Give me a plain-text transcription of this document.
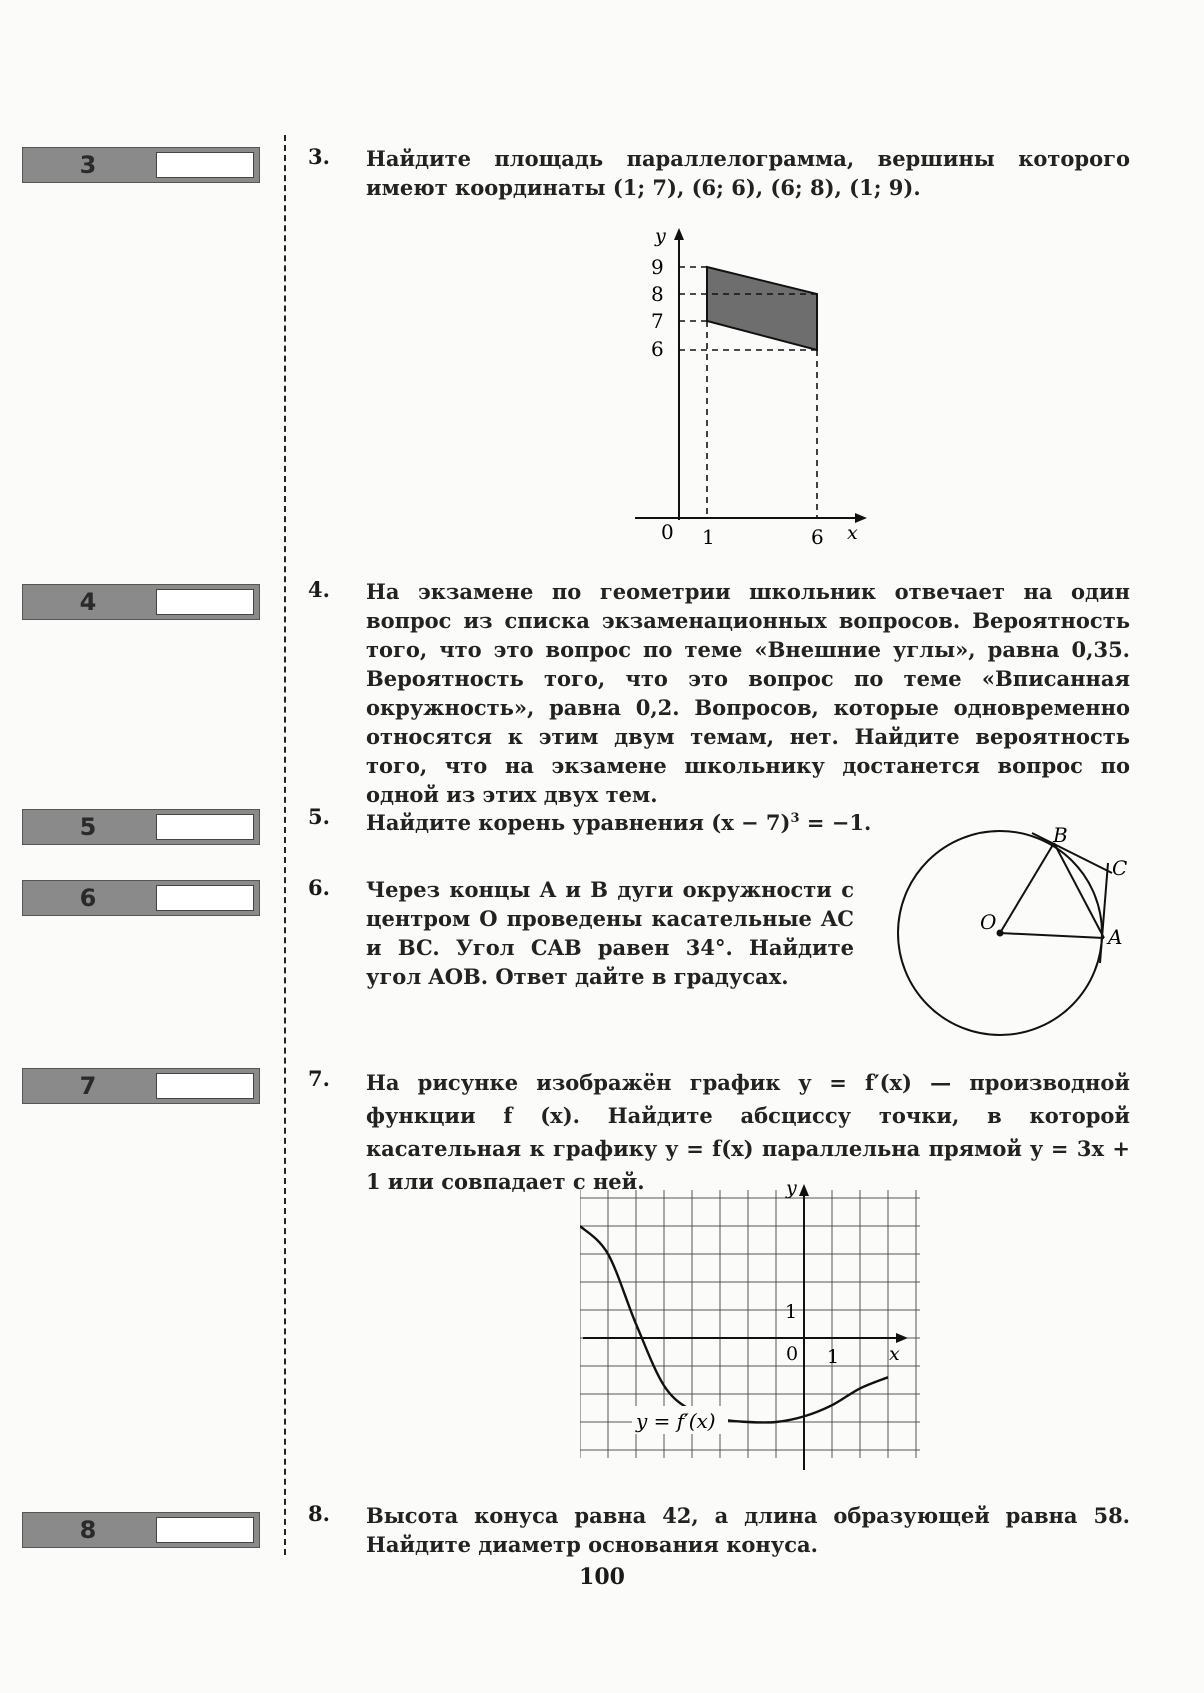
3
4
5
6
7
8
3. Найдите площадь параллелограмма, вершины которого имеют координаты (1; 7), (6; 6), (6; 8), (1; 9).
y
9
8
7
6
0 1	6 x
4. На экзамене по геометрии школьник отвечает на один вопрос из списка экзаменационных вопросов. Вероятность того, что это вопрос по теме «Внешние углы», равна 0,35. Вероятность того, что это вопрос по теме «Вписанная окружность», равна 0,2. Вопросов, которые одновременно относятся к этим двум темам, нет. Найдите вероятность того, что на экзамене школьнику достанется вопрос по одной из этих двух тем.
5. Найдите корень уравнения $(x - 7)^3 = -1$.
6. Через концы A и B дуги окружности с центром O проведены касательные AC и BC. Угол CAB равен 34°. Найдите угол AOB. Ответ дайте в градусах.
B
C
O
A
7. На рисунке изображён график y = f′(x) — производной функции f (x). Найдите абсциссу точки, в которой касательная к графику y = f(x) параллельна прямой y = 3x + 1 или совпадает с ней.	y
x
0
1
1
y = f′(x)
8. Высота конуса равна 42, а длина образующей равна 58. Найдите диаметр основания конуса.
100
